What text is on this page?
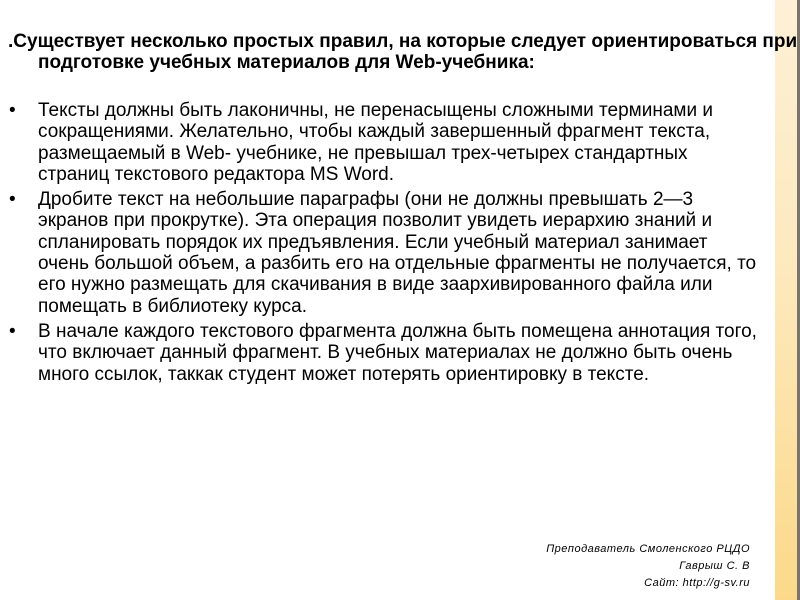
.Существует несколько простых правил, на которые следует ориентироваться при подготовке учебных материалов для Web-учебника:
• Тексты должны быть лаконичны, не перенасыщены сложными терминами и сокращениями. Желательно, чтобы каждый завершенный фрагмент текста, размещаемый в Web- учебнике, не превышал трех-четырех стандартных страниц текстового редактора MS Word.
• Дробите текст на небольшие параграфы (они не должны превышать 2—3 экранов при прокрутке). Эта операция позволит увидеть иерархию знаний и спланировать порядок их предъявления. Если учебный материал занимает очень большой объем, а разбить его на отдельные фрагменты не получается, то его нужно размещать для скачивания в виде заархивированного файла или помещать в библиотеку курса.
• В начале каждого текстового фрагмента должна быть помещена аннотация того, что включает данный фрагмент. В учебных материалах не должно быть очень много ссылок, таккак студент может потерять ориентировку в тексте.
Преподаватель Смоленского РЦДО
Гаврыш С. В
Сайт: http://g-sv.ru
